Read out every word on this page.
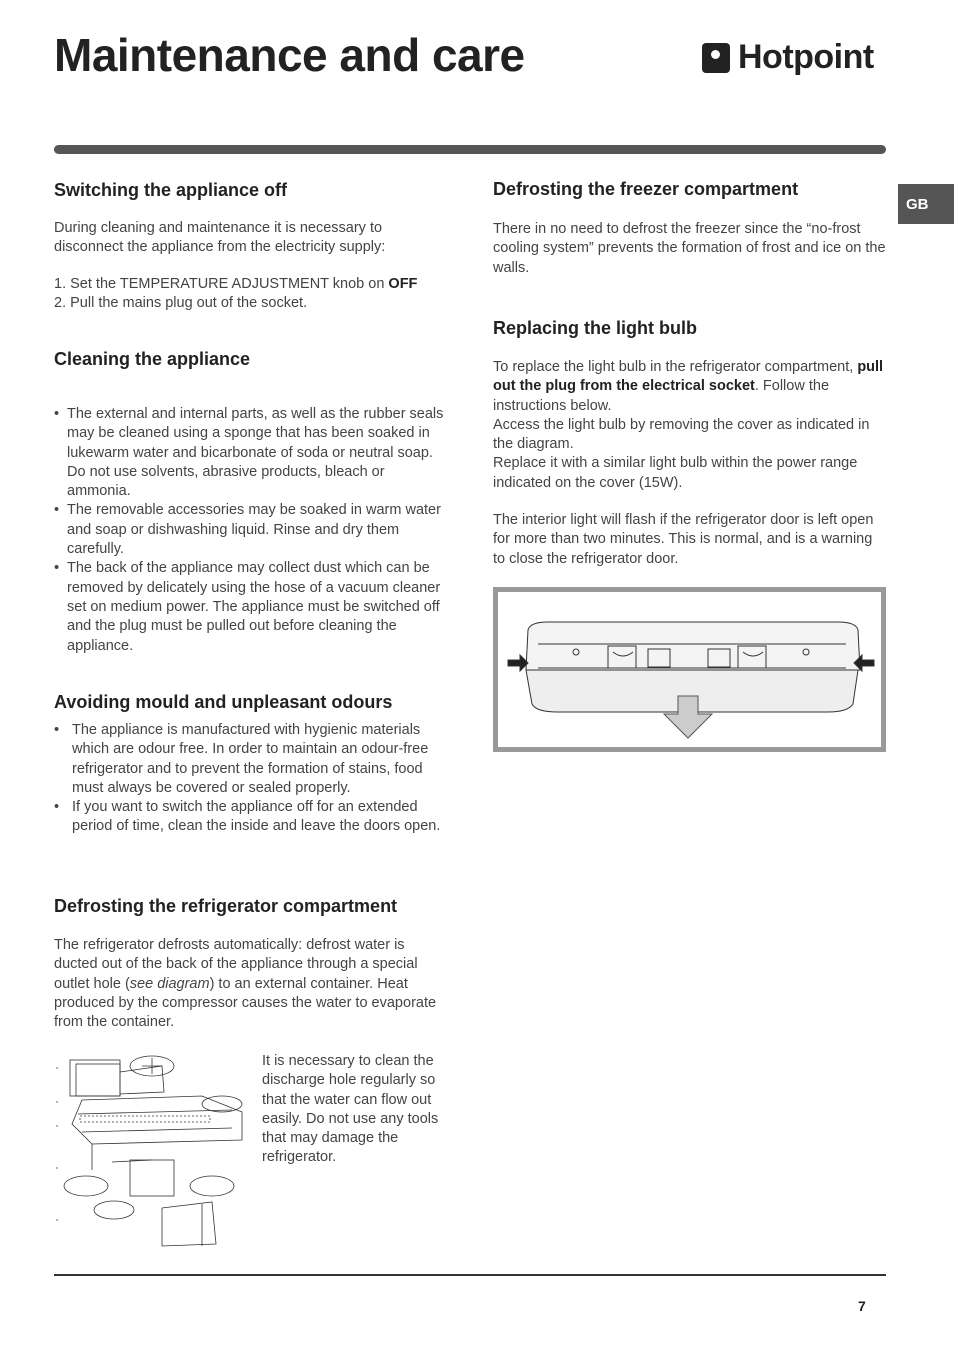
Maintenance and care	Hotpoint
GB
Switching the appliance off

During cleaning and maintenance it is necessary to disconnect the appliance from the electricity supply:

1. Set the TEMPERATURE ADJUSTMENT knob on OFF

2. Pull the mains plug out of the socket.

Cleaning the appliance
• The external and internal parts, as well as the rubber seals may be cleaned using a sponge that has been soaked in lukewarm water and bicarbonate of soda or neutral soap. Do not use solvents, abrasive products, bleach or ammonia.
• The removable accessories may be soaked in warm water and soap or dishwashing liquid. Rinse and dry them carefully.
• The back of the appliance may collect dust which can be removed by delicately using the hose of a vacuum cleaner set on medium power. The appliance must be switched off and the plug must be pulled out before cleaning the appliance.
Avoiding mould and unpleasant odours
• The appliance is manufactured with hygienic materials which are odour free. In order to maintain an odour-free refrigerator and to prevent the formation of stains, food must always be covered or sealed properly.
• If you want to switch the appliance off for an extended period of time, clean the inside and leave the doors open.
Defrosting the refrigerator compartment

The refrigerator defrosts automatically: defrost water is ducted out of the back of the appliance through a special outlet hole (see diagram) to an external container. Heat produced by the compressor causes the water to evaporate from the container.

It is necessary to clean the discharge hole regularly so that the water can flow out easily. Do not use any tools that may damage the refrigerator.

Defrosting the freezer compartment

There in no need to defrost the freezer since the “no-frost cooling system” prevents the formation of frost and ice on the walls.

Replacing the light bulb

To replace the light bulb in the refrigerator compartment, pull out the plug from the electrical socket. Follow the instructions below.

Access the light bulb by removing the cover as indicated in the diagram.

Replace it with a similar light bulb within the power range indicated on the cover (15W).

The interior light will flash if the refrigerator door is left open for more than two minutes. This is normal, and is a warning to close the refrigerator door.

7
